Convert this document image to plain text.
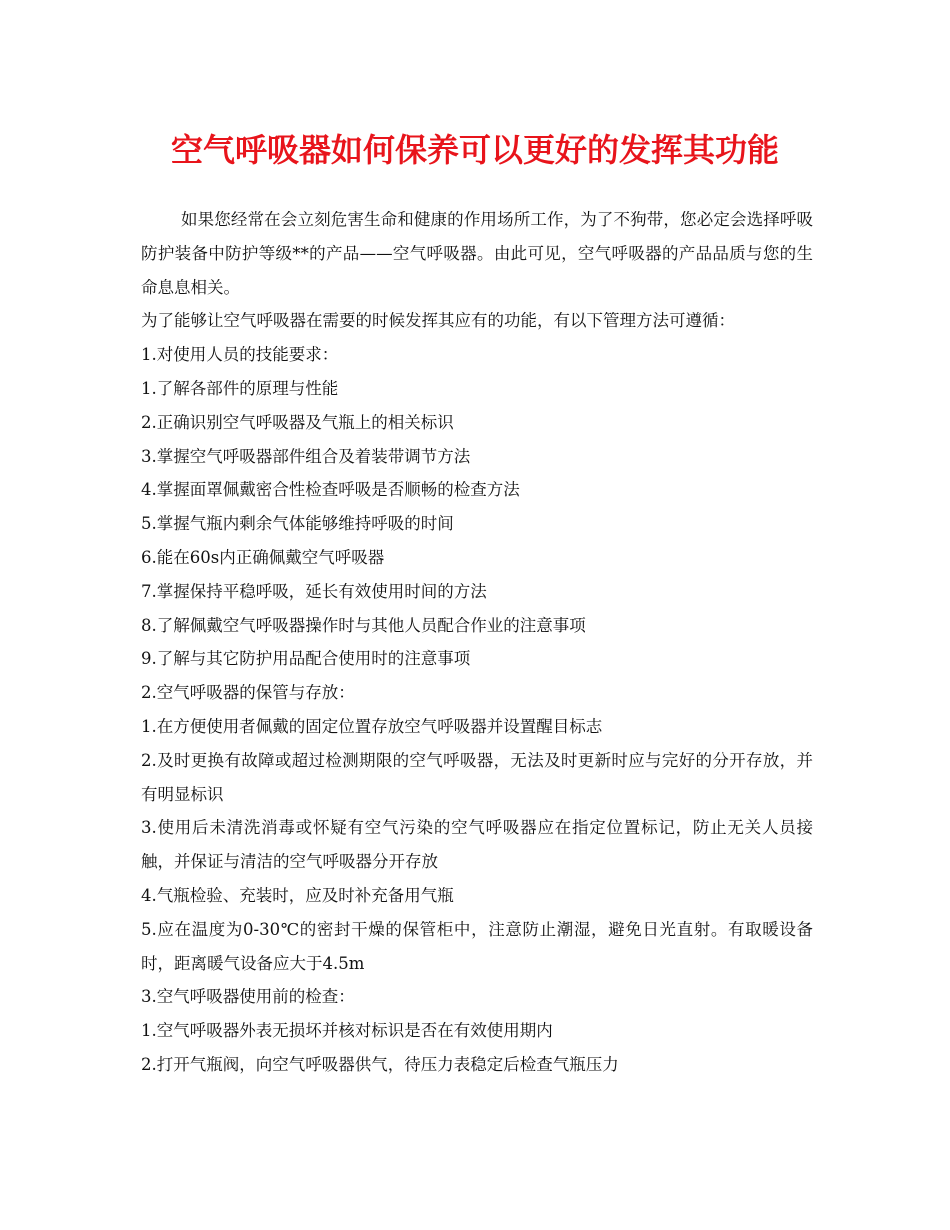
空气呼吸器如何保养可以更好的发挥其功能

如果您经常在会立刻危害生命和健康的作用场所工作，为了不狗带，您必定会选择呼吸防护装备中防护等级**的产品——空气呼吸器。由此可见，空气呼吸器的产品品质与您的生命息息相关。

为了能够让空气呼吸器在需要的时候发挥其应有的功能，有以下管理方法可遵循：

1.对使用人员的技能要求：

1.了解各部件的原理与性能

2.正确识别空气呼吸器及气瓶上的相关标识

3.掌握空气呼吸器部件组合及着装带调节方法

4.掌握面罩佩戴密合性检查呼吸是否顺畅的检查方法

5.掌握气瓶内剩余气体能够维持呼吸的时间

6.能在60s内正确佩戴空气呼吸器

7.掌握保持平稳呼吸，延长有效使用时间的方法

8.了解佩戴空气呼吸器操作时与其他人员配合作业的注意事项

9.了解与其它防护用品配合使用时的注意事项

2.空气呼吸器的保管与存放：

1.在方便使用者佩戴的固定位置存放空气呼吸器并设置醒目标志

2.及时更换有故障或超过检测期限的空气呼吸器，无法及时更新时应与完好的分开存放，并有明显标识

3.使用后未清洗消毒或怀疑有空气污染的空气呼吸器应在指定位置标记，防止无关人员接触，并保证与清洁的空气呼吸器分开存放

4.气瓶检验、充装时，应及时补充备用气瓶

5.应在温度为0-30℃的密封干燥的保管柜中，注意防止潮湿，避免日光直射。有取暖设备时，距离暖气设备应大于4.5m

3.空气呼吸器使用前的检查：

1.空气呼吸器外表无损坏并核对标识是否在有效使用期内

2.打开气瓶阀，向空气呼吸器供气，待压力表稳定后检查气瓶压力
